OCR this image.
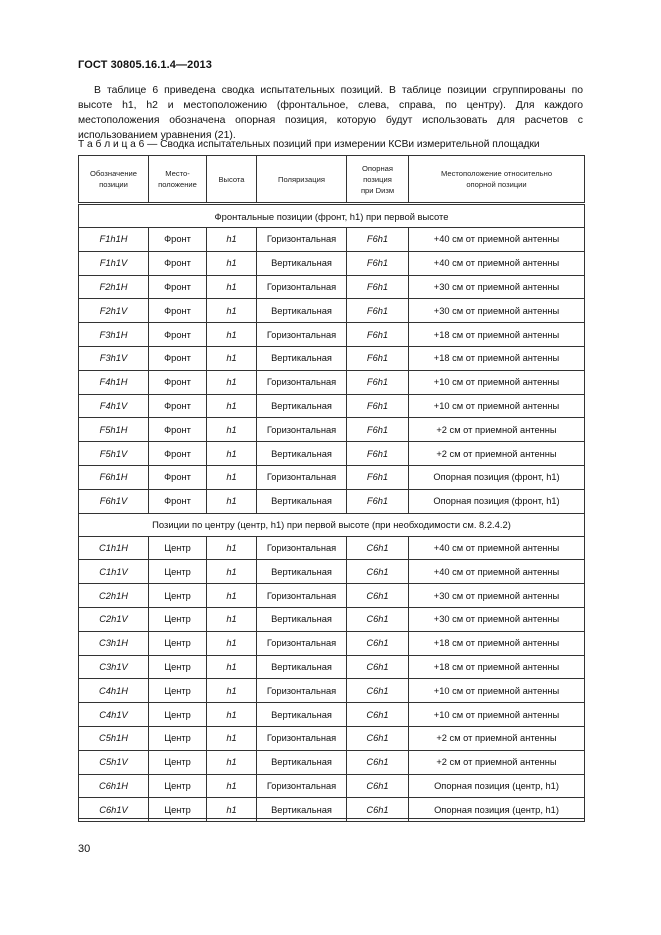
ГОСТ 30805.16.1.4—2013

В таблице 6 приведена сводка испытательных позиций. В таблице позиции сгруппированы по высоте h1, h2 и местоположению (фронтальное, слева, справа, по центру). Для каждого местоположения обозначена опорная позиция, которую будут использовать для расчетов с использованием уравнения (21).

Т а б л и ц а 6 — Сводка испытательных позиций при измерении КСВи измерительной площадки
Обозначение позиции	Место-положение	Высота	Поляризация	Опорная позиция при Dизм	Местоположение относительно опорной позиции
Фронтальные позиции (фронт, h1) при первой высоте					
F1h1H	Фронт	h1	Горизонтальная	F6h1	+40 см от приемной антенны
F1h1V	Фронт	h1	Вертикальная	F6h1	+40 см от приемной антенны
F2h1H	Фронт	h1	Горизонтальная	F6h1	+30 см от приемной антенны
F2h1V	Фронт	h1	Вертикальная	F6h1	+30 см от приемной антенны
F3h1H	Фронт	h1	Горизонтальная	F6h1	+18 см от приемной антенны
F3h1V	Фронт	h1	Вертикальная	F6h1	+18 см от приемной антенны
F4h1H	Фронт	h1	Горизонтальная	F6h1	+10 см от приемной антенны
F4h1V	Фронт	h1	Вертикальная	F6h1	+10 см от приемной антенны
F5h1H	Фронт	h1	Горизонтальная	F6h1	+2 см от приемной антенны
F5h1V	Фронт	h1	Вертикальная	F6h1	+2 см от приемной антенны
F6h1H	Фронт	h1	Горизонтальная	F6h1	Опорная позиция (фронт, h1)
F6h1V	Фронт	h1	Вертикальная	F6h1	Опорная позиция (фронт, h1)
Позиции по центру (центр, h1) при первой высоте (при необходимости см. 8.2.4.2)					
C1h1H	Центр	h1	Горизонтальная	C6h1	+40 см от приемной антенны
C1h1V	Центр	h1	Вертикальная	C6h1	+40 см от приемной антенны
C2h1H	Центр	h1	Горизонтальная	C6h1	+30 см от приемной антенны
C2h1V	Центр	h1	Вертикальная	C6h1	+30 см от приемной антенны
C3h1H	Центр	h1	Горизонтальная	C6h1	+18 см от приемной антенны
C3h1V	Центр	h1	Вертикальная	C6h1	+18 см от приемной антенны
C4h1H	Центр	h1	Горизонтальная	C6h1	+10 см от приемной антенны
C4h1V	Центр	h1	Вертикальная	C6h1	+10 см от приемной антенны
C5h1H	Центр	h1	Горизонтальная	C6h1	+2 см от приемной антенны
C5h1V	Центр	h1	Вертикальная	C6h1	+2 см от приемной антенны
C6h1H	Центр	h1	Горизонтальная	C6h1	Опорная позиция (центр, h1)
C6h1V	Центр	h1	Вертикальная	C6h1	Опорная позиция (центр, h1)
30
